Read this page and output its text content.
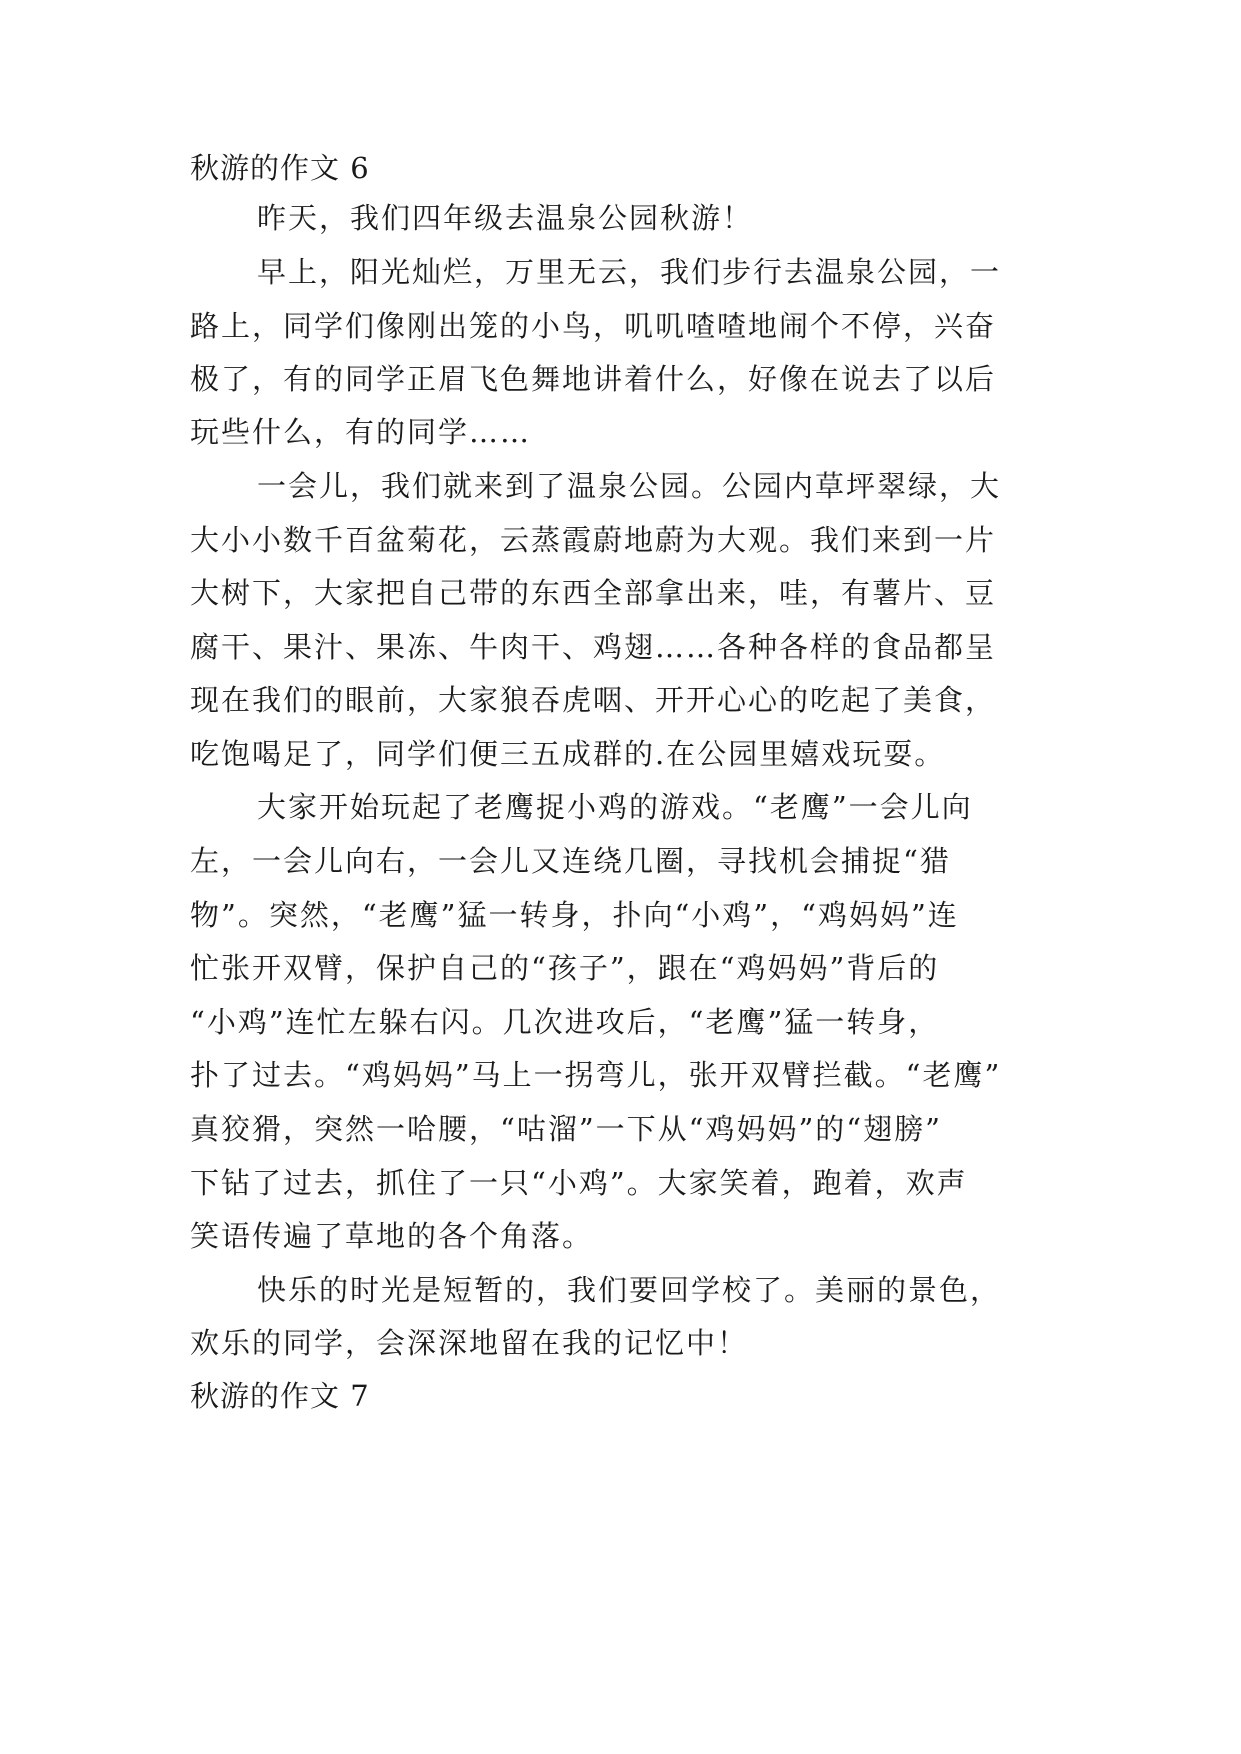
秋游的作文 6
昨天，我们四年级去温泉公园秋游！
早上，阳光灿烂，万里无云，我们步行去温泉公园，一
路上，同学们像刚出笼的小鸟，叽叽喳喳地闹个不停，兴奋
极了，有的同学正眉飞色舞地讲着什么，好像在说去了以后
玩些什么，有的同学……
一会儿，我们就来到了温泉公园。公园内草坪翠绿，大
大小小数千百盆菊花，云蒸霞蔚地蔚为大观。我们来到一片
大树下，大家把自己带的东西全部拿出来，哇，有薯片、豆
腐干、果汁、果冻、牛肉干、鸡翅……各种各样的食品都呈
现在我们的眼前，大家狼吞虎咽、开开心心的吃起了美食，
吃饱喝足了，同学们便三五成群的.在公园里嬉戏玩耍。
大家开始玩起了老鹰捉小鸡的游戏。“老鹰”一会儿向
左，一会儿向右，一会儿又连绕几圈，寻找机会捕捉“猎
物”。突然，“老鹰”猛一转身，扑向“小鸡”，“鸡妈妈”连
忙张开双臂，保护自己的“孩子”，跟在“鸡妈妈”背后的
“小鸡”连忙左躲右闪。几次进攻后，“老鹰”猛一转身，
扑了过去。“鸡妈妈”马上一拐弯儿，张开双臂拦截。“老鹰”
真狡猾，突然一哈腰，“咕溜”一下从“鸡妈妈”的“翅膀”
下钻了过去，抓住了一只“小鸡”。大家笑着，跑着，欢声
笑语传遍了草地的各个角落。
快乐的时光是短暂的，我们要回学校了。美丽的景色，
欢乐的同学，会深深地留在我的记忆中！
秋游的作文 7
